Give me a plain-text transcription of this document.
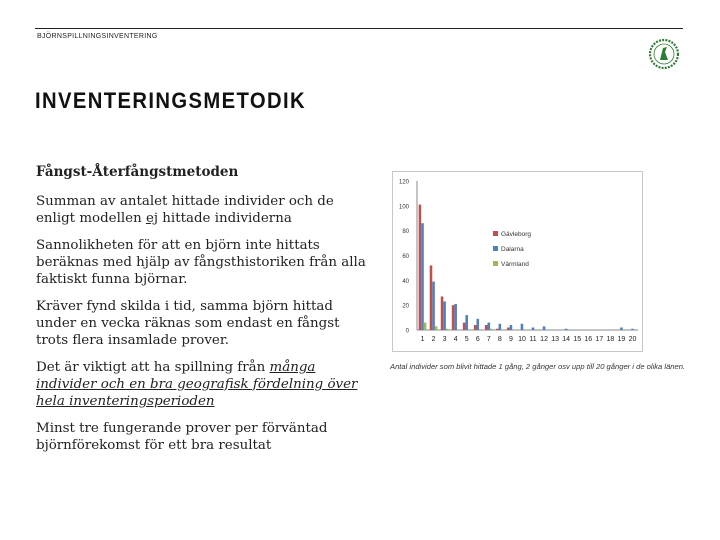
BJÖRNSPILLNINGSINVENTERING
INVENTERINGSMETODIK
Fångst-Återfångstmetoden

Summan av antalet hittade individer och de enligt modellen ej hittade individerna

Sannolikheten för att en björn inte hittats beräknas med hjälp av fångsthistoriken från alla faktiskt funna björnar.

Kräver fynd skilda i tid, samma björn hittad under en vecka räknas som endast en fångst trots flera insamlade prover.

Det är viktigt att ha spillning från många individer och en bra geografisk fördelning över hela inventeringsperioden

Minst tre fungerande prover per förväntad björnförekomst för ett bra resultat

0
20
40
60
80
100
120
1 2 3 4 5 6 7 8 9 10 11 12 13 14 15 16 17 18 19 20
Gävleborg
Dalarna
Värmland
Antal individer som blivit hittade 1 gång, 2 gånger osv upp till 20 gånger i de olika länen.
